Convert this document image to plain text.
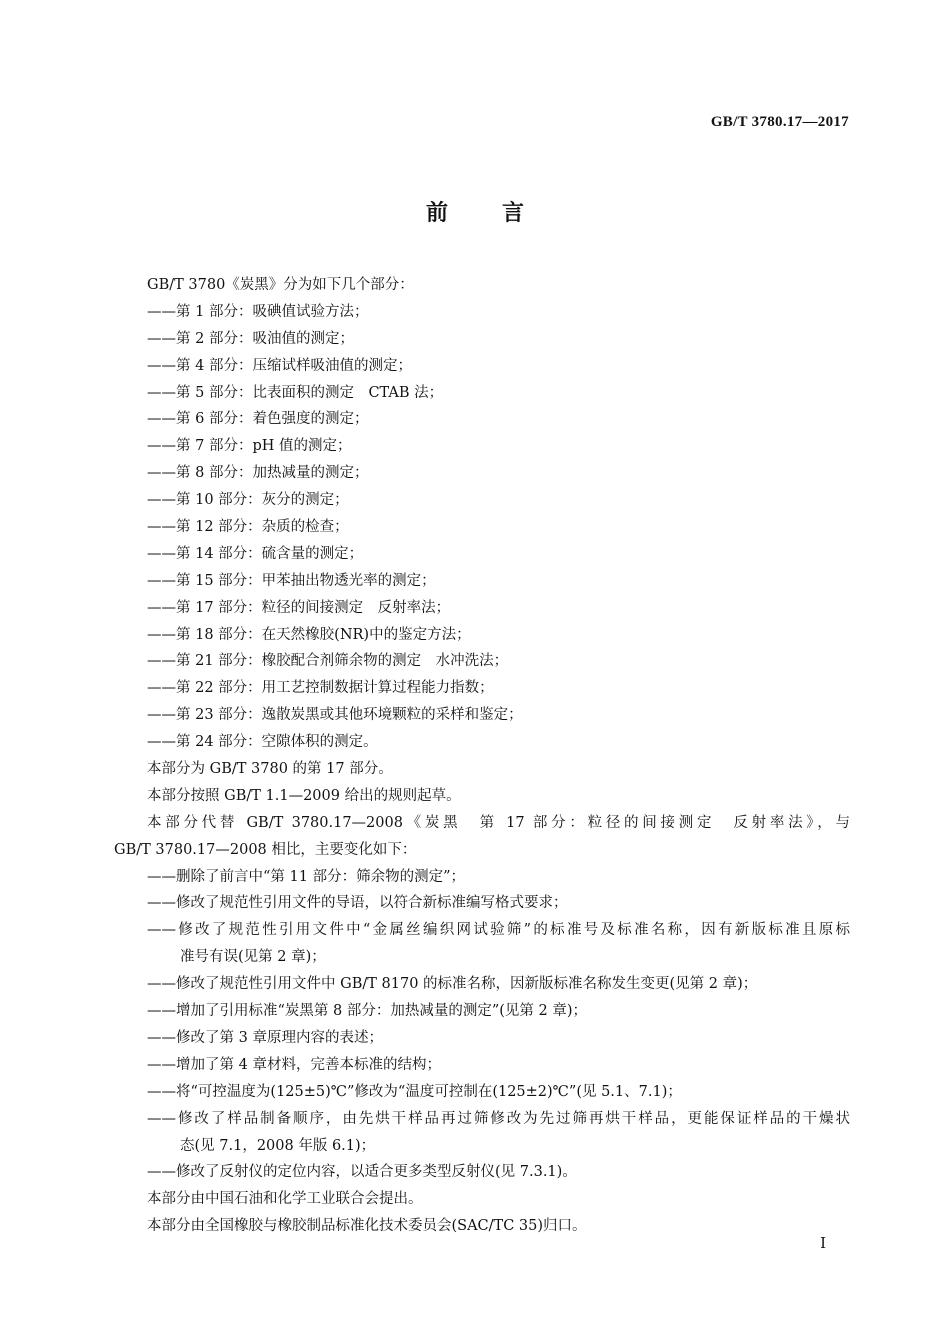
GB/T 3780.17—2017
前言
GB/T 3780《炭黑》分为如下几个部分：
——第 1 部分：吸碘值试验方法；
——第 2 部分：吸油值的测定；
——第 4 部分：压缩试样吸油值的测定；
——第 5 部分：比表面积的测定　CTAB 法；
——第 6 部分：着色强度的测定；
——第 7 部分：pH 值的测定；
——第 8 部分：加热减量的测定；
——第 10 部分：灰分的测定；
——第 12 部分：杂质的检查；
——第 14 部分：硫含量的测定；
——第 15 部分：甲苯抽出物透光率的测定；
——第 17 部分：粒径的间接测定　反射率法；
——第 18 部分：在天然橡胶(NR)中的鉴定方法；
——第 21 部分：橡胶配合剂筛余物的测定　水冲洗法；
——第 22 部分：用工艺控制数据计算过程能力指数；
——第 23 部分：逸散炭黑或其他环境颗粒的采样和鉴定；
——第 24 部分：空隙体积的测定。
本部分为 GB/T 3780 的第 17 部分。
本部分按照 GB/T 1.1—2009 给出的规则起草。
本部分代替 GB/T 3780.17—2008《炭黑　第 17 部分：粒径的间接测定　反射率法》，与
GB/T 3780.17—2008 相比，主要变化如下：
——删除了前言中“第 11 部分：筛余物的测定”；
——修改了规范性引用文件的导语，以符合新标准编写格式要求；
——修改了规范性引用文件中“金属丝编织网试验筛”的标准号及标准名称，因有新版标准且原标
准号有误(见第 2 章)；
——修改了规范性引用文件中 GB/T 8170 的标准名称，因新版标准名称发生变更(见第 2 章)；
——增加了引用标准“炭黑第 8 部分：加热减量的测定”(见第 2 章)；
——修改了第 3 章原理内容的表述；
——增加了第 4 章材料，完善本标准的结构；
——将“可控温度为(125±5)℃”修改为“温度可控制在(125±2)℃”(见 5.1、7.1)；
——修改了样品制备顺序，由先烘干样品再过筛修改为先过筛再烘干样品，更能保证样品的干燥状
态(见 7.1，2008 年版 6.1)；
——修改了反射仪的定位内容，以适合更多类型反射仪(见 7.3.1)。
本部分由中国石油和化学工业联合会提出。
本部分由全国橡胶与橡胶制品标准化技术委员会(SAC/TC 35)归口。
I
